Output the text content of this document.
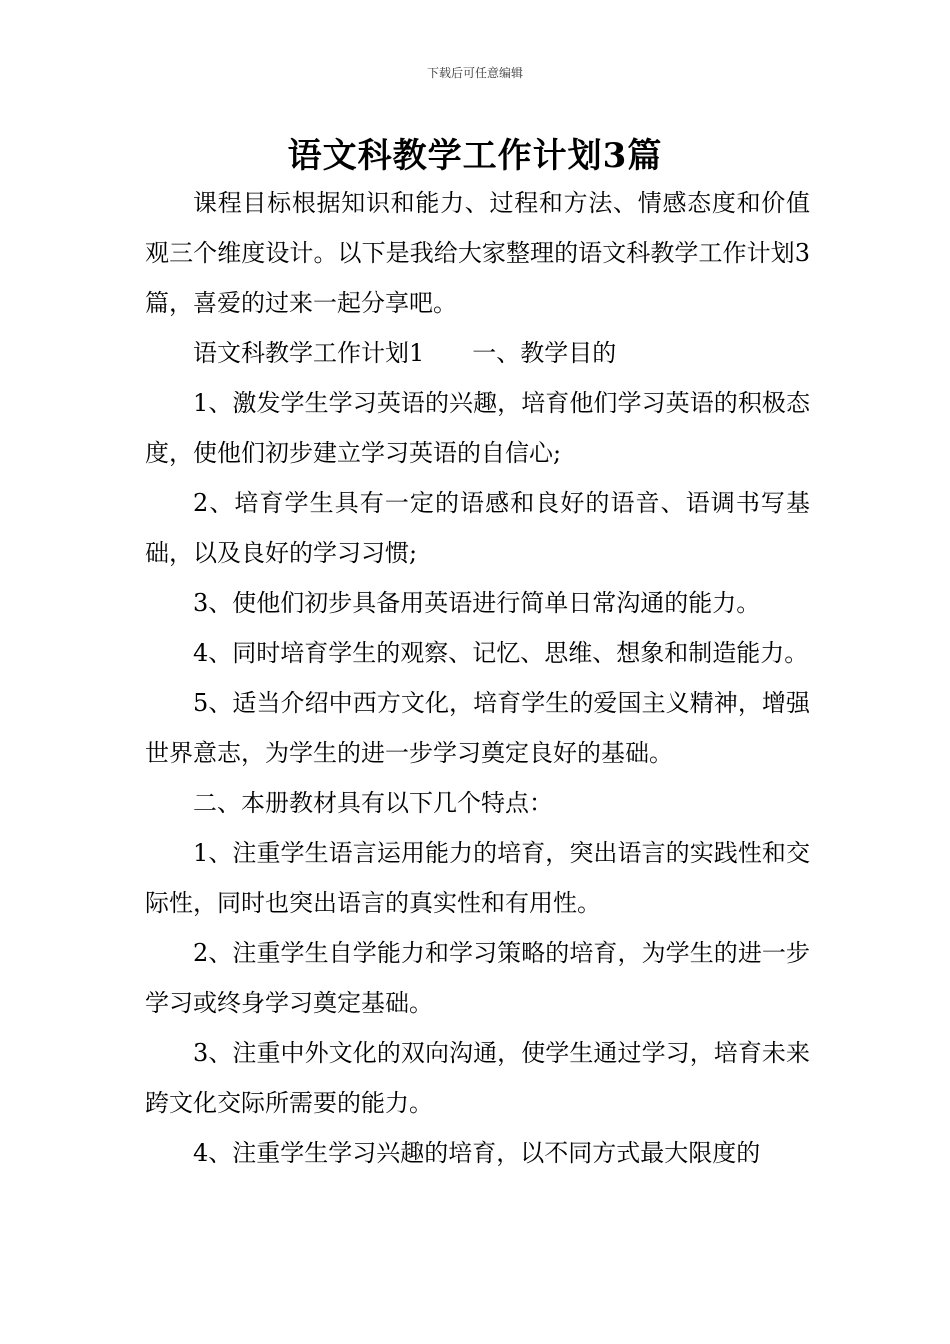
下载后可任意编辑
语文科教学工作计划3篇

课程目标根据知识和能力、过程和方法、情感态度和价值观三个维度设计。以下是我给大家整理的语文科教学工作计划3篇，喜爱的过来一起分享吧。

语文科教学工作计划1 一、教学目的

1、激发学生学习英语的兴趣，培育他们学习英语的积极态度，使他们初步建立学习英语的自信心;

2、培育学生具有一定的语感和良好的语音、语调书写基础，以及良好的学习习惯;

3、使他们初步具备用英语进行简单日常沟通的能力。

4、同时培育学生的观察、记忆、思维、想象和制造能力。

5、适当介绍中西方文化，培育学生的爱国主义精神，增强世界意志，为学生的进一步学习奠定良好的基础。

二、本册教材具有以下几个特点：

1、注重学生语言运用能力的培育，突出语言的实践性和交际性，同时也突出语言的真实性和有用性。

2、注重学生自学能力和学习策略的培育，为学生的进一步学习或终身学习奠定基础。

3、注重中外文化的双向沟通，使学生通过学习，培育未来跨文化交际所需要的能力。

4、注重学生学习兴趣的培育，以不同方式最大限度的
